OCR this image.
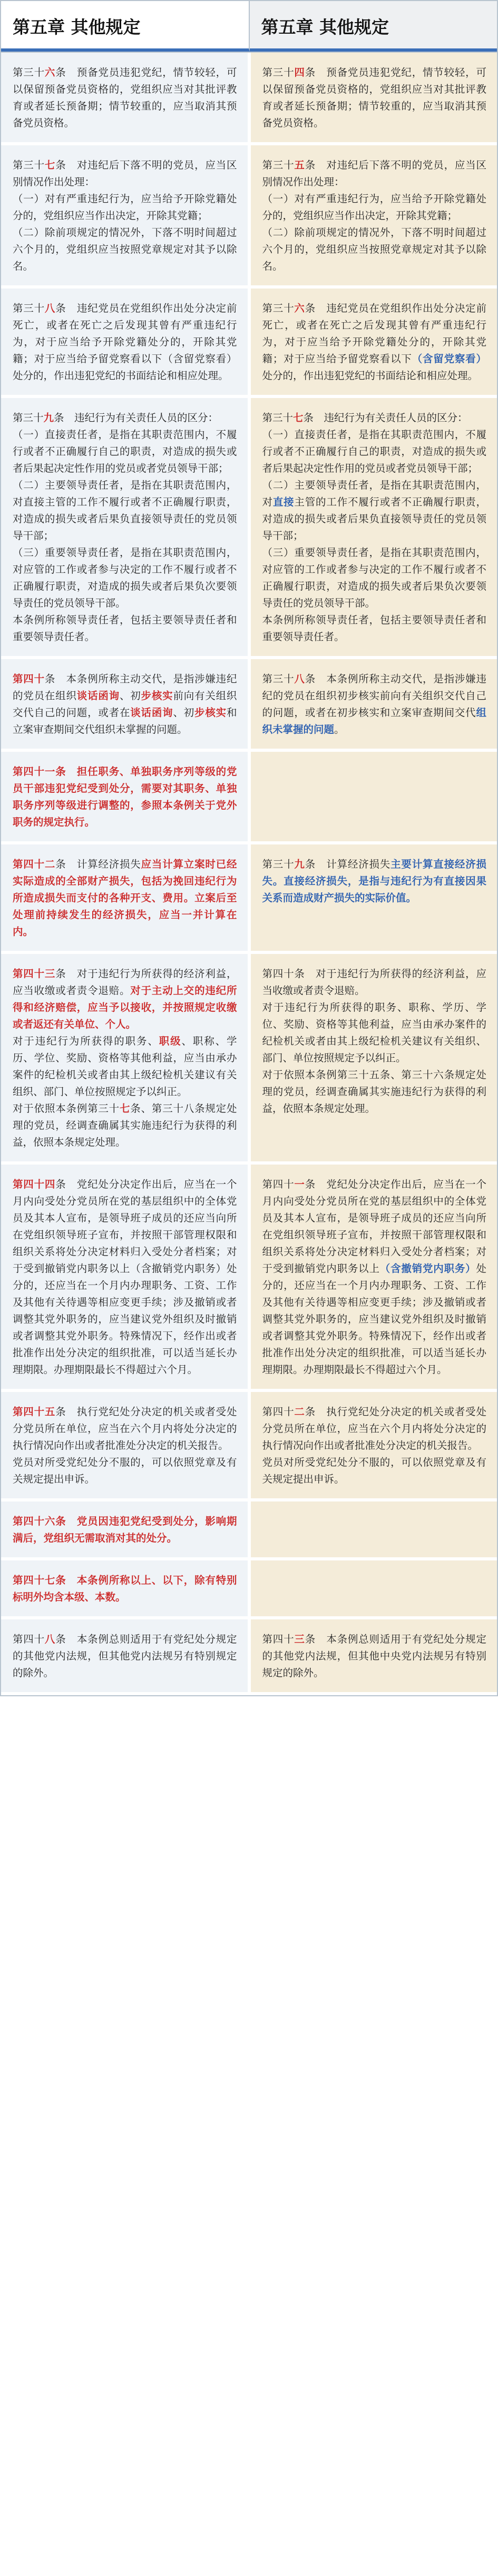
第五章 其他规定	第五章 其他规定

第三十六条　预备党员违犯党纪，情节较轻，可以保留预备党员资格的，党组织应当对其批评教育或者延长预备期；情节较重的，应当取消其预备党员资格。

第三十四条　预备党员违犯党纪，情节较轻，可以保留预备党员资格的，党组织应当对其批评教育或者延长预备期；情节较重的，应当取消其预备党员资格。

第三十七条　对违纪后下落不明的党员，应当区别情况作出处理：

（一）对有严重违纪行为，应当给予开除党籍处分的，党组织应当作出决定，开除其党籍；

（二）除前项规定的情况外，下落不明时间超过六个月的，党组织应当按照党章规定对其予以除名。

第三十五条　对违纪后下落不明的党员，应当区别情况作出处理：

（一）对有严重违纪行为，应当给予开除党籍处分的，党组织应当作出决定，开除其党籍；

（二）除前项规定的情况外，下落不明时间超过六个月的，党组织应当按照党章规定对其予以除名。

第三十八条　违纪党员在党组织作出处分决定前死亡，或者在死亡之后发现其曾有严重违纪行为，对于应当给予开除党籍处分的，开除其党籍；对于应当给予留党察看以下（含留党察看）处分的，作出违犯党纪的书面结论和相应处理。

第三十六条　违纪党员在党组织作出处分决定前死亡，或者在死亡之后发现其曾有严重违纪行为，对于应当给予开除党籍处分的，开除其党籍；对于应当给予留党察看以下（含留党察看）处分的，作出违犯党纪的书面结论和相应处理。

第三十九条　违纪行为有关责任人员的区分：

（一）直接责任者，是指在其职责范围内，不履行或者不正确履行自己的职责，对造成的损失或者后果起决定性作用的党员或者党员领导干部；

（二）主要领导责任者，是指在其职责范围内，对直接主管的工作不履行或者不正确履行职责，对造成的损失或者后果负直接领导责任的党员领导干部；

（三）重要领导责任者，是指在其职责范围内，对应管的工作或者参与决定的工作不履行或者不正确履行职责，对造成的损失或者后果负次要领导责任的党员领导干部。

本条例所称领导责任者，包括主要领导责任者和重要领导责任者。

第三十七条　违纪行为有关责任人员的区分：

（一）直接责任者，是指在其职责范围内，不履行或者不正确履行自己的职责，对造成的损失或者后果起决定性作用的党员或者党员领导干部；

（二）主要领导责任者，是指在其职责范围内，对直接主管的工作不履行或者不正确履行职责，对造成的损失或者后果负直接领导责任的党员领导干部；

（三）重要领导责任者，是指在其职责范围内，对应管的工作或者参与决定的工作不履行或者不正确履行职责，对造成的损失或者后果负次要领导责任的党员领导干部。

本条例所称领导责任者，包括主要领导责任者和重要领导责任者。

第四十条　本条例所称主动交代，是指涉嫌违纪的党员在组织谈话函询、初步核实前向有关组织交代自己的问题，或者在谈话函询、初步核实和立案审查期间交代组织未掌握的问题。

第三十八条　本条例所称主动交代，是指涉嫌违纪的党员在组织初步核实前向有关组织交代自己的问题，或者在初步核实和立案审查期间交代组织未掌握的问题。

第四十一条　担任职务、单独职务序列等级的党员干部违犯党纪受到处分，需要对其职务、单独职务序列等级进行调整的，参照本条例关于党外职务的规定执行。

第四十二条　计算经济损失应当计算立案时已经实际造成的全部财产损失，包括为挽回违纪行为所造成损失而支付的各种开支、费用。立案后至处理前持续发生的经济损失，应当一并计算在内。

第三十九条　计算经济损失主要计算直接经济损失。直接经济损失，是指与违纪行为有直接因果关系而造成财产损失的实际价值。

第四十三条　对于违纪行为所获得的经济利益，应当收缴或者责令退赔。对于主动上交的违纪所得和经济赔偿，应当予以接收，并按照规定收缴或者返还有关单位、个人。

对于违纪行为所获得的职务、职级、职称、学历、学位、奖励、资格等其他利益，应当由承办案件的纪检机关或者由其上级纪检机关建议有关组织、部门、单位按照规定予以纠正。

对于依照本条例第三十七条、第三十八条规定处理的党员，经调查确属其实施违纪行为获得的利益，依照本条规定处理。

第四十条　对于违纪行为所获得的经济利益，应当收缴或者责令退赔。

对于违纪行为所获得的职务、职称、学历、学位、奖励、资格等其他利益，应当由承办案件的纪检机关或者由其上级纪检机关建议有关组织、部门、单位按照规定予以纠正。

对于依照本条例第三十五条、第三十六条规定处理的党员，经调查确属其实施违纪行为获得的利益，依照本条规定处理。

第四十四条　党纪处分决定作出后，应当在一个月内向受处分党员所在党的基层组织中的全体党员及其本人宣布，是领导班子成员的还应当向所在党组织领导班子宣布，并按照干部管理权限和组织关系将处分决定材料归入受处分者档案；对于受到撤销党内职务以上（含撤销党内职务）处分的，还应当在一个月内办理职务、工资、工作及其他有关待遇等相应变更手续；涉及撤销或者调整其党外职务的，应当建议党外组织及时撤销或者调整其党外职务。特殊情况下，经作出或者批准作出处分决定的组织批准，可以适当延长办理期限。办理期限最长不得超过六个月。

第四十一条　党纪处分决定作出后，应当在一个月内向受处分党员所在党的基层组织中的全体党员及其本人宣布，是领导班子成员的还应当向所在党组织领导班子宣布，并按照干部管理权限和组织关系将处分决定材料归入受处分者档案；对于受到撤销党内职务以上（含撤销党内职务）处分的，还应当在一个月内办理职务、工资、工作及其他有关待遇等相应变更手续；涉及撤销或者调整其党外职务的，应当建议党外组织及时撤销或者调整其党外职务。特殊情况下，经作出或者批准作出处分决定的组织批准，可以适当延长办理期限。办理期限最长不得超过六个月。

第四十五条　执行党纪处分决定的机关或者受处分党员所在单位，应当在六个月内将处分决定的执行情况向作出或者批准处分决定的机关报告。

党员对所受党纪处分不服的，可以依照党章及有关规定提出申诉。

第四十二条　执行党纪处分决定的机关或者受处分党员所在单位，应当在六个月内将处分决定的执行情况向作出或者批准处分决定的机关报告。

党员对所受党纪处分不服的，可以依照党章及有关规定提出申诉。

第四十六条　党员因违犯党纪受到处分，影响期满后，党组织无需取消对其的处分。

第四十七条　本条例所称以上、以下，除有特别标明外均含本级、本数。

第四十八条　本条例总则适用于有党纪处分规定的其他党内法规，但其他党内法规另有特别规定的除外。

第四十三条　本条例总则适用于有党纪处分规定的其他党内法规，但其他中央党内法规另有特别规定的除外。
